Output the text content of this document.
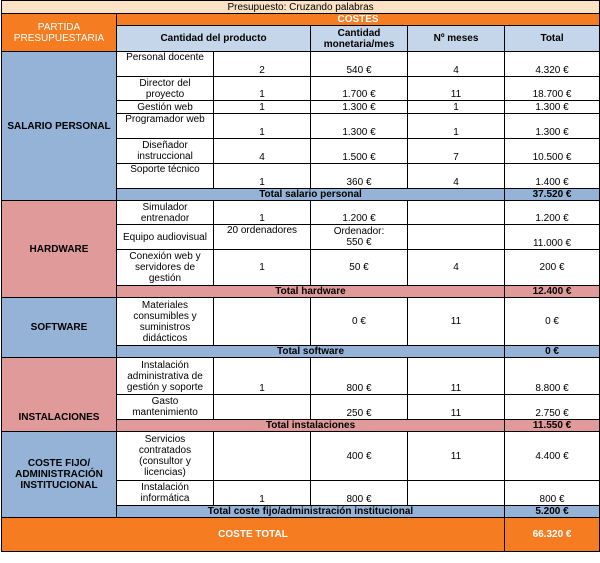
Presupuesto: Cruzando palabras					
PARTIDA PRESUPUESTARIA	COSTES				
	Cantidad del producto		Cantidad monetaria/mes	Nº meses	Total
SALARIO PERSONAL	Personal docente	2	540 €	4	4.320 €
	Director del proyecto	1	1.700 €	11	18.700 €
	Gestión web	1	1.300 €	1	1.300 €
	Programador web	1	1.300 €	1	1.300 €
	Diseñador instruccional	4	1.500 €	7	10.500 €
	Soporte técnico	1	360 €	4	1.400 €
	Total salario personal				37.520 €
HARDWARE	Simulador entrenador	1	1.200 €		1.200 €
	Equipo audiovisual	20 ordenadores	Ordenador: 550 €		11.000 €
	Conexión web y servidores de gestión	1	50 €	4	200 €
	Total hardware				12.400 €
SOFTWARE	Materiales consumibles y suministros didácticos		0 €	11	0 €
	Total software				0 €
INSTALACIONES	Instalación administrativa de gestión y soporte	1	800 €	11	8.800 €
	Gasto mantenimiento		250 €	11	2.750 €
	Total instalaciones				11.550 €
COSTE FIJO/ ADMINISTRACIÓN INSTITUCIONAL	Servicios contratados (consultor y licencias)		400 €	11	4.400 €
	Instalación informática	1	800 €		800 €
	Total coste fijo/administración institucional				5.200 €
COSTE TOTAL					66.320 €
